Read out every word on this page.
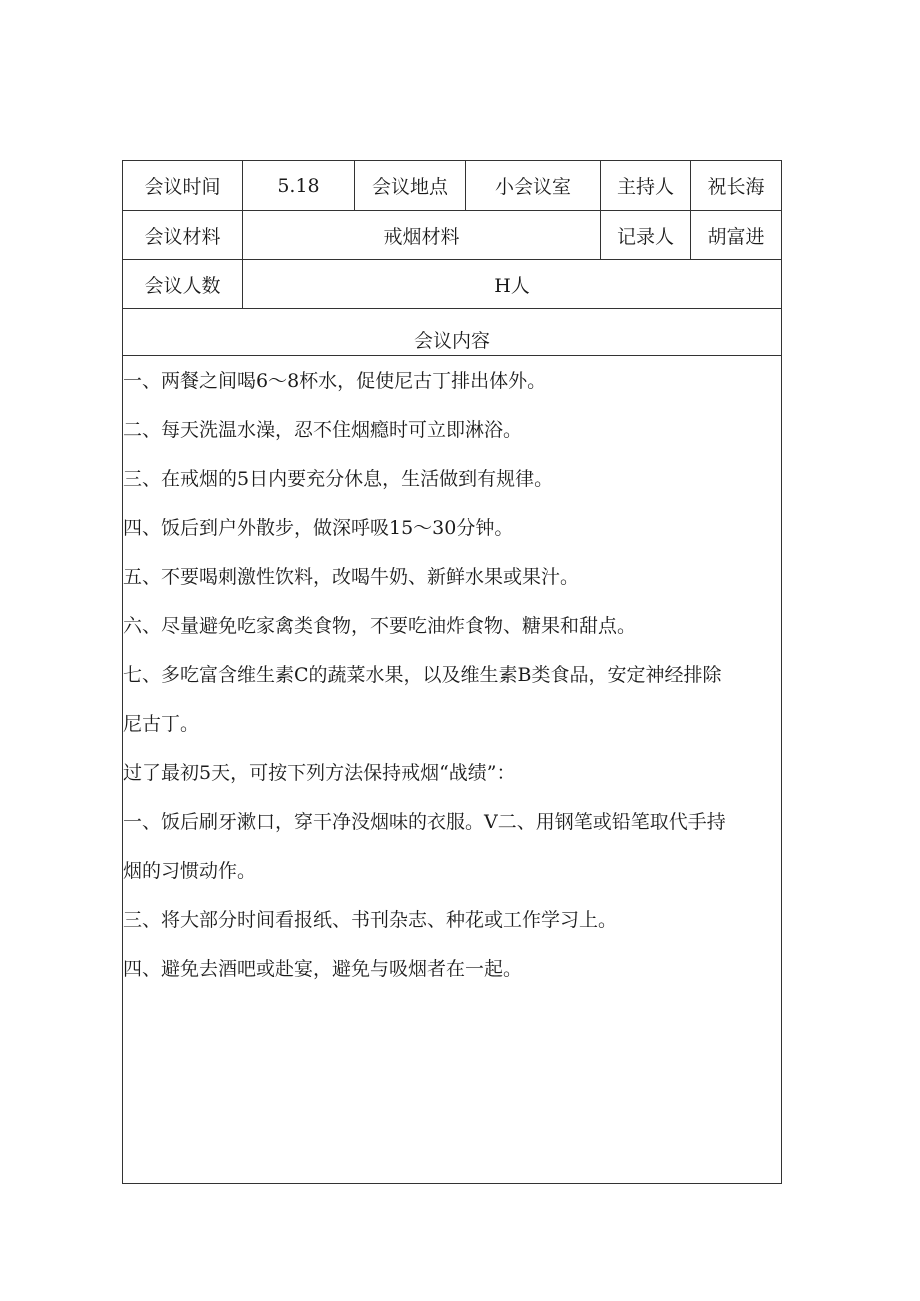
会议时间	5.18	会议地点	小会议室	主持人	祝长海
会议材料	戒烟材料	记录人	胡富进
会议人数	H人
会议内容
一、两餐之间喝6～8杯水，促使尼古丁排出体外。
二、每天洗温水澡，忍不住烟瘾时可立即淋浴。
三、在戒烟的5日内要充分休息，生活做到有规律。
四、饭后到户外散步，做深呼吸15～30分钟。
五、不要喝刺激性饮料，改喝牛奶、新鲜水果或果汁。
六、尽量避免吃家禽类食物，不要吃油炸食物、糖果和甜点。
七、多吃富含维生素C的蔬菜水果，以及维生素B类食品，安定神经排除
尼古丁。
过了最初5天，可按下列方法保持戒烟“战绩”：
一、饭后刷牙漱口，穿干净没烟味的衣服。V二、用钢笔或铅笔取代手持
烟的习惯动作。
三、将大部分时间看报纸、书刊杂志、种花或工作学习上。
四、避免去酒吧或赴宴，避免与吸烟者在一起。
